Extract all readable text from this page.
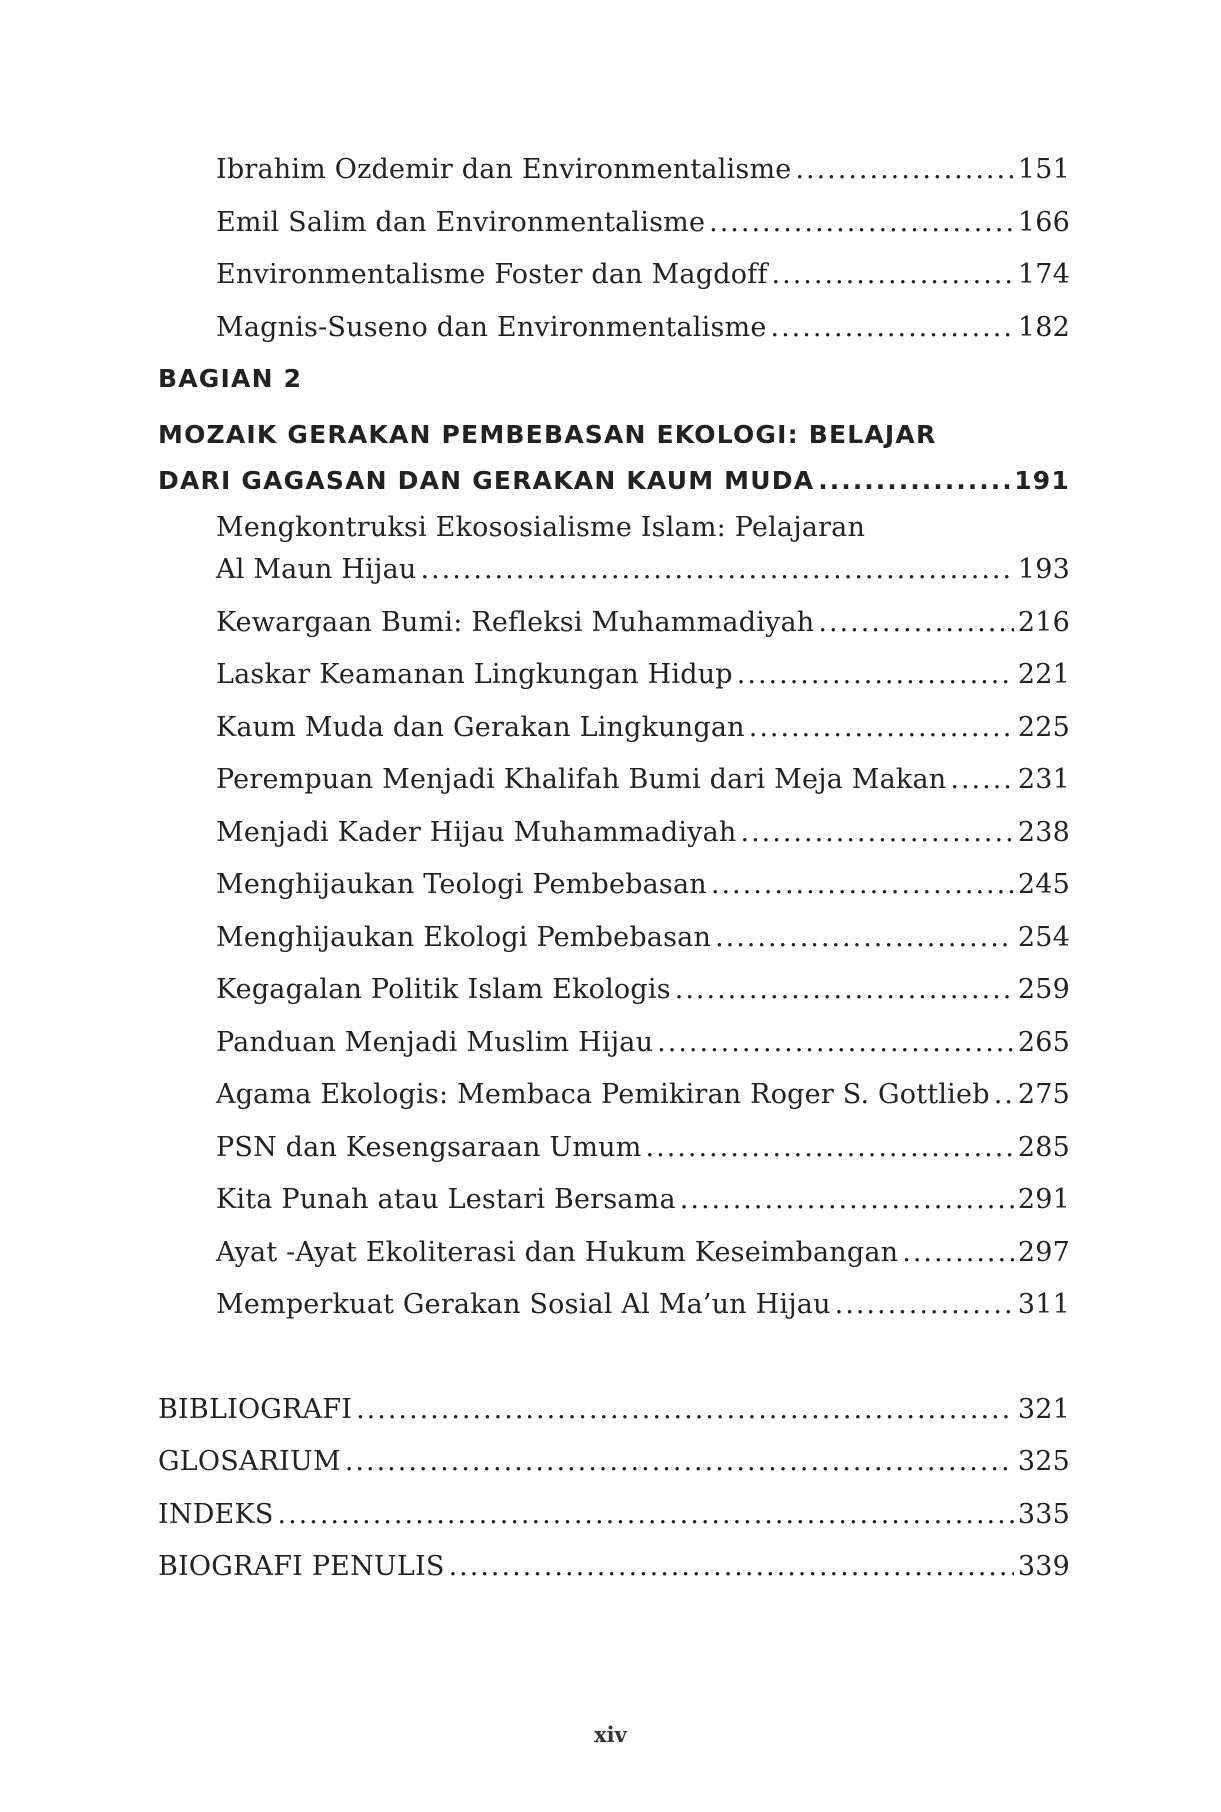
Ibrahim Ozdemir dan Environmentalisme .....	151
Emil Salim dan Environmentalisme .....	166
Environmentalisme Foster dan Magdoff .....	174
Magnis-Suseno dan Environmentalisme .....	182
BAGIAN 2
MOZAIK GERAKAN PEMBEBASAN EKOLOGI: BELAJAR
DARI GAGASAN DAN GERAKAN KAUM MUDA .....	191
Mengkontruksi Ekososialisme Islam: Pelajaran
Al Maun Hijau .....	193
Kewargaan Bumi: Refleksi Muhammadiyah .....	216
Laskar Keamanan Lingkungan Hidup .....	221
Kaum Muda dan Gerakan Lingkungan .....	225
Perempuan Menjadi Khalifah Bumi dari Meja Makan .....	231
Menjadi Kader Hijau Muhammadiyah .....	238
Menghijaukan Teologi Pembebasan .....	245
Menghijaukan Ekologi Pembebasan .....	254
Kegagalan Politik Islam Ekologis .....	259
Panduan Menjadi Muslim Hijau .....	265
Agama Ekologis: Membaca Pemikiran Roger S. Gottlieb ..... 275
PSN dan Kesengsaraan Umum .....	285
Kita Punah atau Lestari Bersama .....	291
Ayat -Ayat Ekoliterasi dan Hukum Keseimbangan .....	297
Memperkuat Gerakan Sosial Al Ma’un Hijau .....	311
BIBLIOGRAFI .....	321
GLOSARIUM .....	325
INDEKS .....	335
BIOGRAFI PENULIS .....	339
xiv
